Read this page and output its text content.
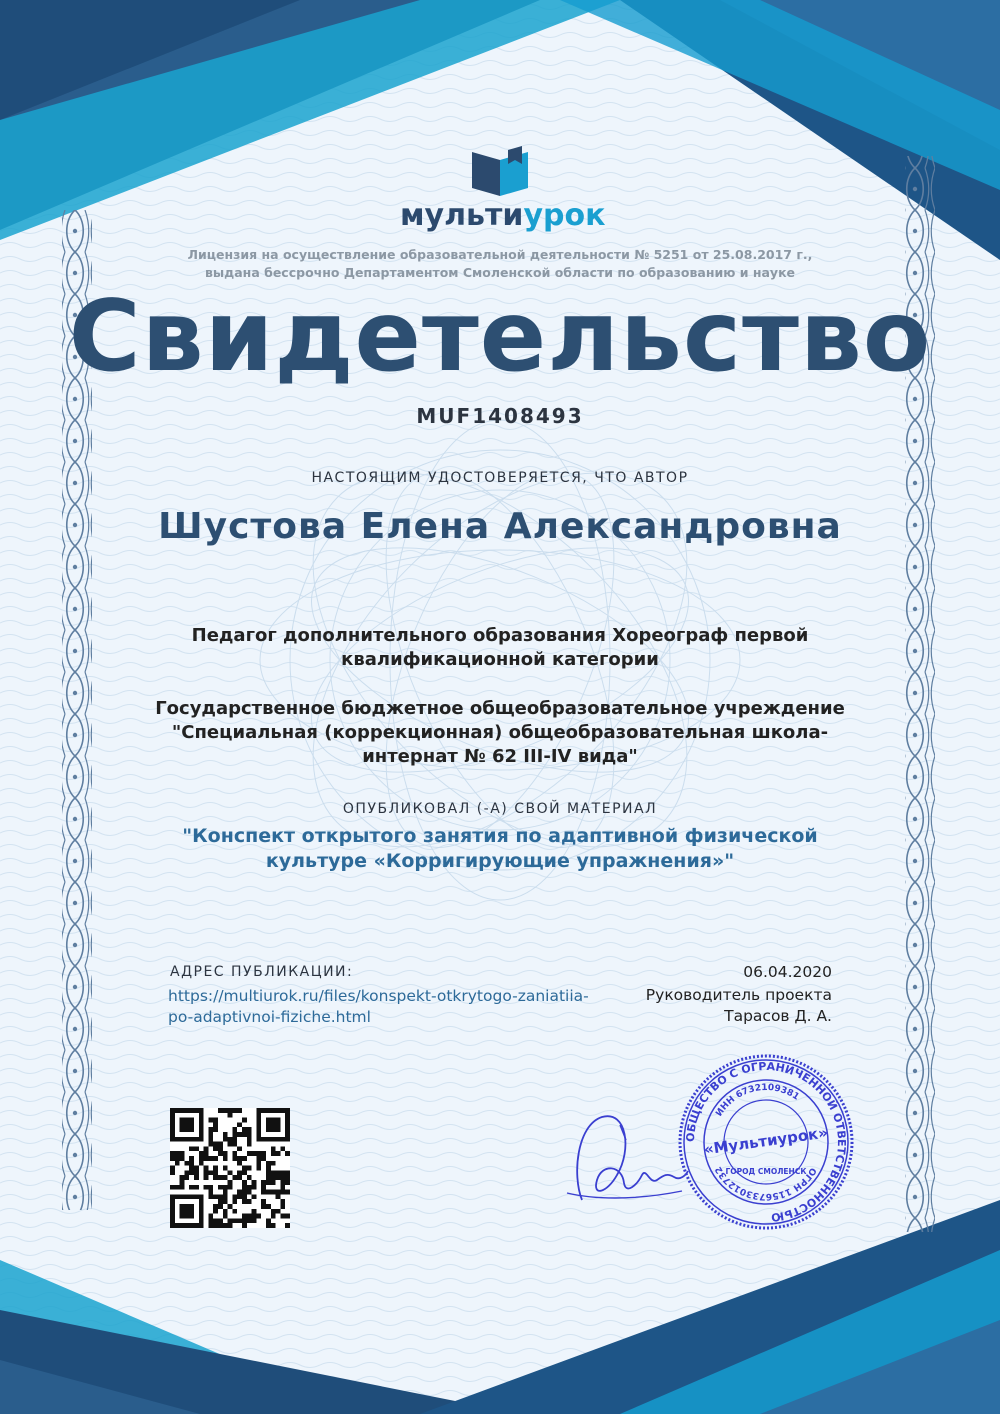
мультиурок
Лицензия на осуществление образовательной деятельности № 5251 от 25.08.2017 г.,
выдана бессрочно Департаментом Смоленской области по образованию и науке
Свидетельство
MUF1408493
НАСТОЯЩИМ УДОСТОВЕРЯЕТСЯ, ЧТО АВТОР
Шустова Елена Александровна
Педагог дополнительного образования Хореограф первой квалификационной категории
Государственное бюджетное общеобразовательное учреждение "Специальная (коррекционная) общеобразовательная школа-интернат № 62 III-IV вида"
ОПУБЛИКОВАЛ (-А) СВОЙ МАТЕРИАЛ
"Конспект открытого занятия по адаптивной физической культуре «Корригирующие упражнения»"
АДРЕС ПУБЛИКАЦИИ:
https://multiurok.ru/files/konspekt-otkrytogo-zaniatiia-po-adaptivnoi-fiziche.html
06.04.2020
Руководитель проекта
Тарасов Д. А.
ОБЩЕСТВО С ОГРАНИЧЕННОЙ ОТВЕТСТВЕННОСТЬЮ
ИНН 6732109381
ОГРН 1156733012732
«Мультиурок»
ГОРОД СМОЛЕНСК
